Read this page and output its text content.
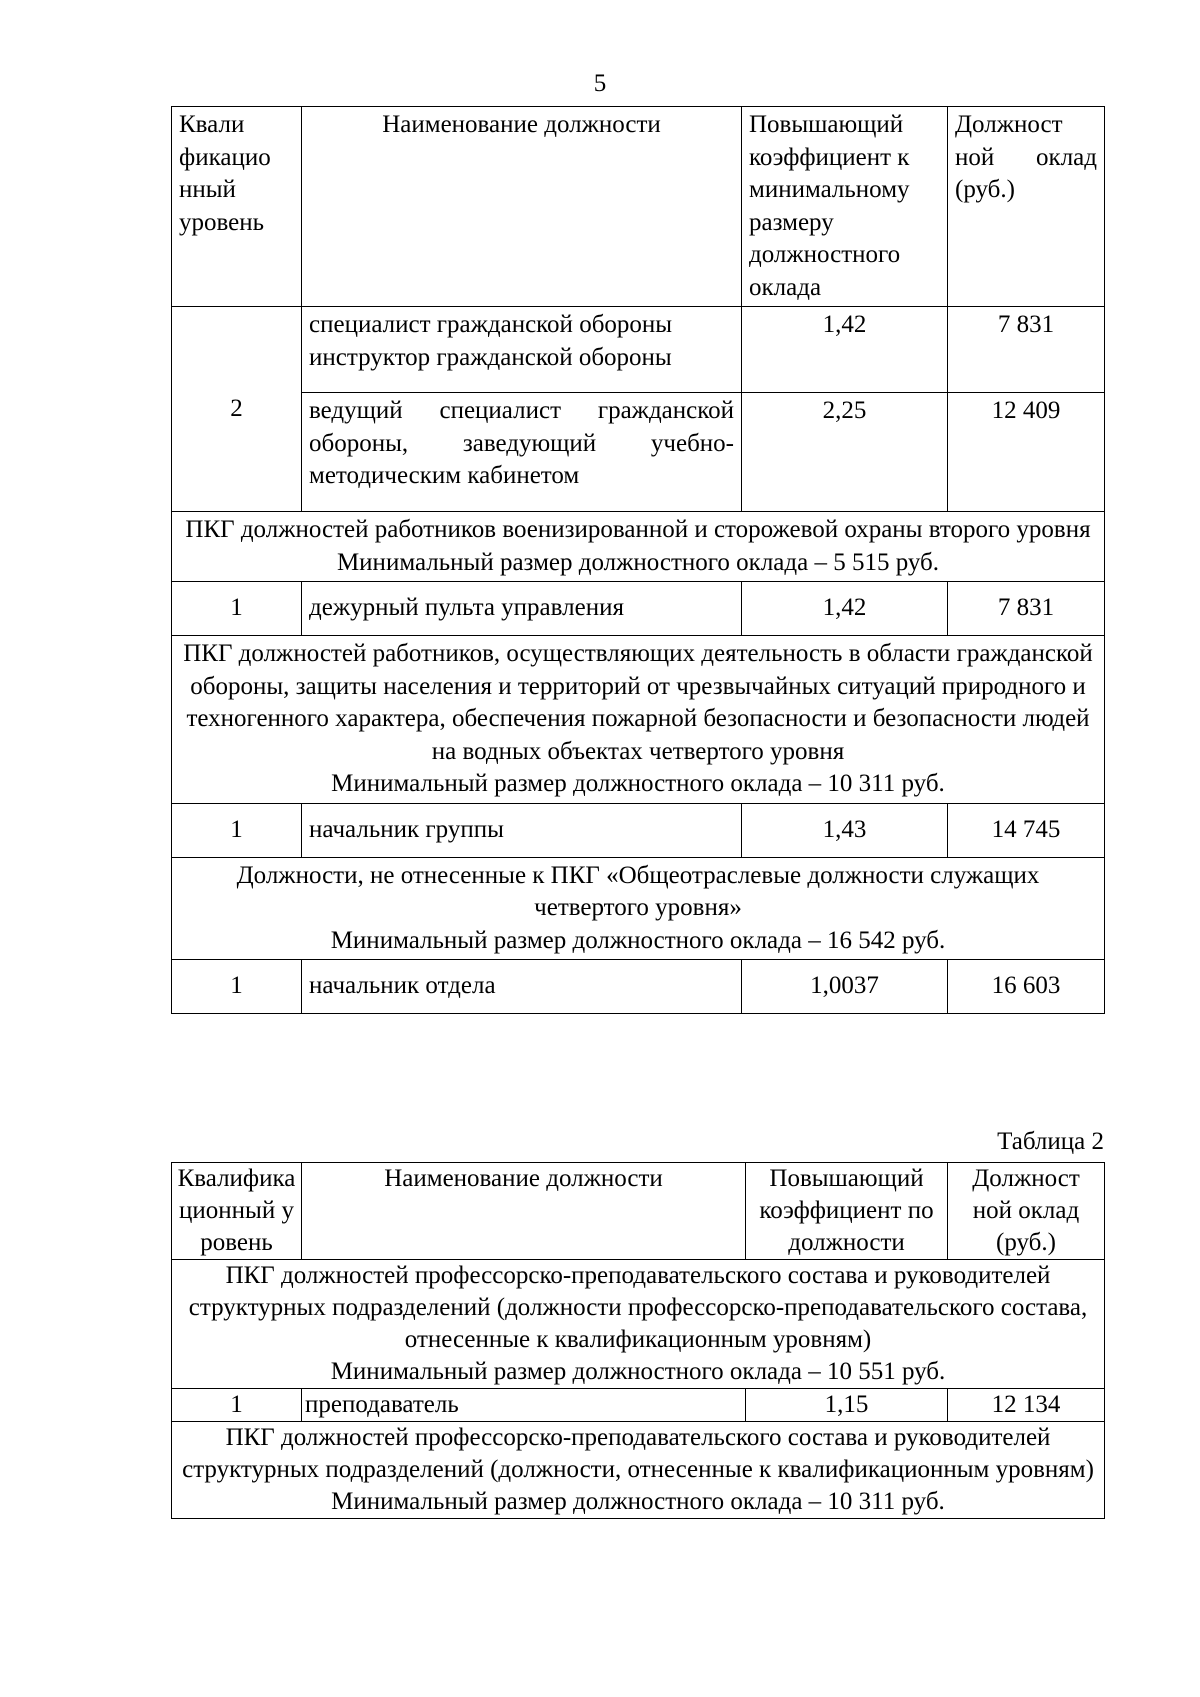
5
Квали фикацио нный уровень	Наименование должности	Повышающий коэффициент к минимальному размеру должностного оклада	Должност ной оклад (руб.)
2	специалист гражданской обороны инструктор гражданской обороны	1,42	7 831
	ведущий специалист гражданской обороны, заведующий учебно-методическим кабинетом	2,25	12 409

ПКГ должностей работников военизированной и сторожевой охраны второго уровня
Минимальный размер должностного оклада – 5 515 руб.			

1	дежурный пульта управления	1,42	7 831

ПКГ должностей работников, осуществляющих деятельность в области гражданской обороны, защиты населения и территорий от чрезвычайных ситуаций природного и техногенного характера, обеспечения пожарной безопасности и безопасности людей на водных объектах четвертого уровня
Минимальный размер должностного оклада – 10 311 руб.			

1	начальник группы	1,43	14 745

Должности, не отнесенные к ПКГ «Общеотраслевые должности служащих четвертого уровня»
Минимальный размер должностного оклада – 16 542 руб.			

1	начальник отдела	1,0037	16 603
Таблица 2
Квалификационный уровень	Наименование должности	Повышающий коэффициент по должности	Должност ной оклад (руб.)

ПКГ должностей профессорско-преподавательского состава и руководителей структурных подразделений (должности профессорско-преподавательского состава, отнесенные к квалификационным уровням)
Минимальный размер должностного оклада – 10 551 руб.			

1	преподаватель	1,15	12 134

ПКГ должностей профессорско-преподавательского состава и руководителей структурных подразделений (должности, отнесенные к квалификационным уровням)
Минимальный размер должностного оклада – 10 311 руб.			
